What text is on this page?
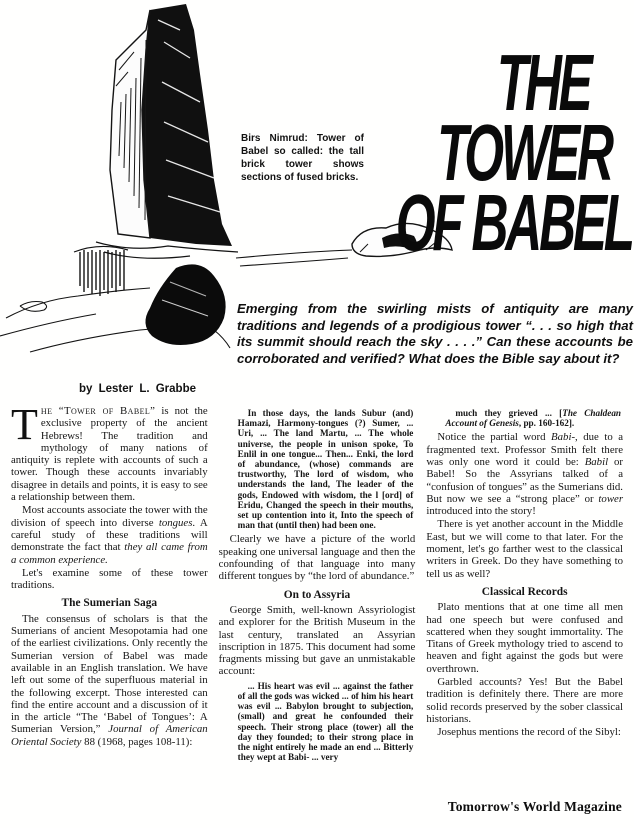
Birs Nimrud: Tower of Babel so called: the tall brick tower shows sections of fused bricks.
THE
TOWER
OF BABEL

Emerging from the swirling mists of antiquity are many traditions and legends of a prodigious tower “. . . so high that its summit should reach the sky . . . .” Can these accounts be corroborated and verified? What does the Bible say about it?

by Lester L. Grabbe

The “Tower of Babel” is not the exclusive property of the ancient Hebrews! The tradition and mythology of many nations of antiquity is replete with accounts of such a tower. Though these accounts invariably disagree in details and points, it is easy to see a relationship between them.

Most accounts associate the tower with the division of speech into diverse tongues. A careful study of these traditions will demonstrate the fact that they all came from a common experience.

Let's examine some of these tower traditions.

The Sumerian Saga

The consensus of scholars is that the Sumerians of ancient Mesopotamia had one of the earliest civilizations. Only recently the Sumerian version of Babel was made available in an English translation. We have left out some of the superfluous material in the following excerpt. Those interested can find the entire account and a discussion of it in the article “The ‘Babel of Tongues’: A Sumerian Version,” Journal of American Oriental Society 88 (1968, pages 108-11):

In those days, the lands Subur (and) Hamazi, Harmony-tongues (?) Sumer, ... Uri, ... The land Martu, ... The whole universe, the people in unison spoke, To Enlil in one tongue... Then... Enki, the lord of abundance, (whose) commands are trustworthy, The lord of wisdom, who understands the land, The leader of the gods, Endowed with wisdom, the l [ord] of Eridu, Changed the speech in their mouths, set up contention into it, Into the speech of man that (until then) had been one.

Clearly we have a picture of the world speaking one universal language and then the confounding of that language into many different tongues by “the lord of abundance.”

On to Assyria

George Smith, well-known Assyriologist and explorer for the British Museum in the last century, translated an Assyrian inscription in 1875. This document had some fragments missing but gave an unmistakable account:

... His heart was evil ... against the father of all the gods was wicked ... of him his heart was evil ... Babylon brought to subjection, (small) and great he confounded their speech. Their strong place (tower) all the day they founded; to their strong place in the night entirely he made an end ... Bitterly they wept at Babi- ... very

much they grieved ... [The Chaldean Account of Genesis, pp. 160-162].

Notice the partial word Babi-, due to a fragmented text. Professor Smith felt there was only one word it could be: Babil or Babel! So the Assyrians talked of a “confusion of tongues” as the Sumerians did. But now we see a “strong place” or tower introduced into the story!

There is yet another account in the Middle East, but we will come to that later. For the moment, let's go farther west to the classical writers in Greek. Do they have something to tell us as well?

Classical Records

Plato mentions that at one time all men had one speech but were confused and scattered when they sought immortality. The Titans of Greek mythology tried to ascend to heaven and fight against the gods but were overthrown.

Garbled accounts? Yes! But the Babel tradition is definitely there. There are more solid records preserved by the sober classical historians.

Josephus mentions the record of the Sibyl:

Tomorrow's World Magazine
